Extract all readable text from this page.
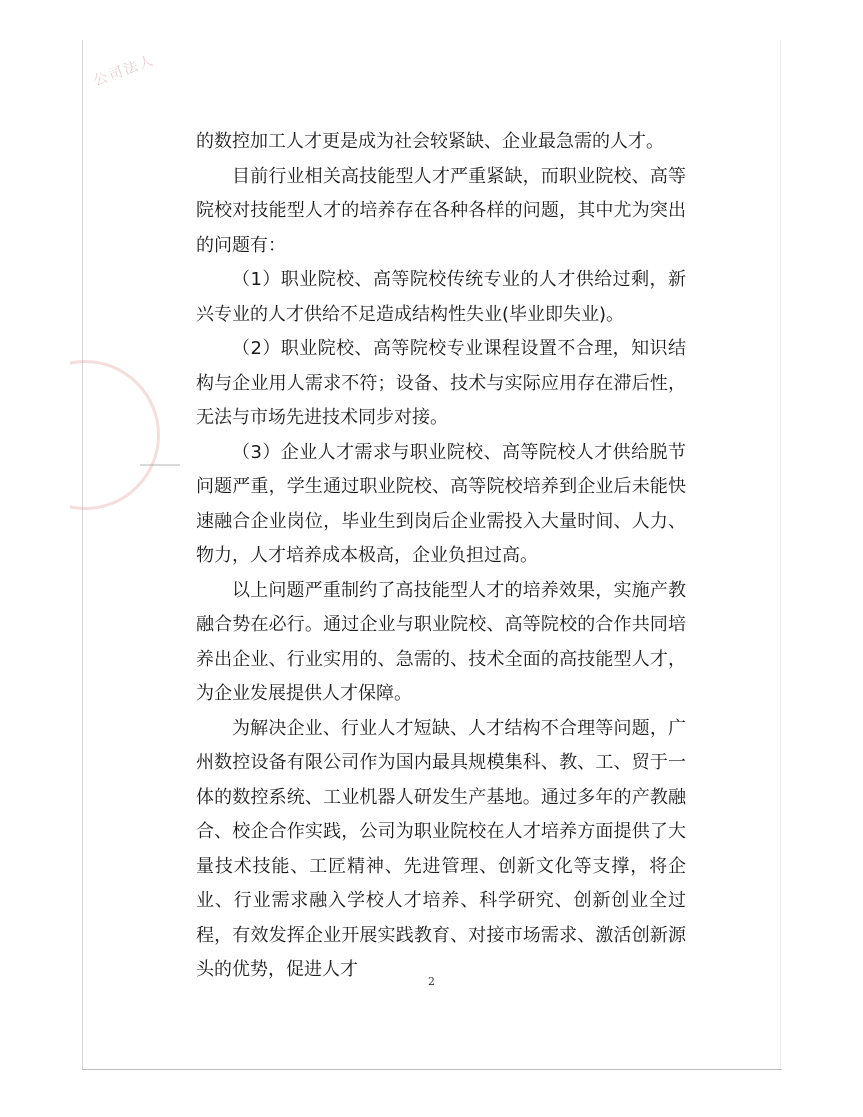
公司法人

的数控加工人才更是成为社会较紧缺、企业最急需的人才。

目前行业相关高技能型人才严重紧缺，而职业院校、高等院校对技能型人才的培养存在各种各样的问题，其中尤为突出的问题有：

（1）职业院校、高等院校传统专业的人才供给过剩，新兴专业的人才供给不足造成结构性失业(毕业即失业)。

（2）职业院校、高等院校专业课程设置不合理，知识结构与企业用人需求不符；设备、技术与实际应用存在滞后性，无法与市场先进技术同步对接。

（3）企业人才需求与职业院校、高等院校人才供给脱节问题严重，学生通过职业院校、高等院校培养到企业后未能快速融合企业岗位，毕业生到岗后企业需投入大量时间、人力、物力，人才培养成本极高，企业负担过高。

以上问题严重制约了高技能型人才的培养效果，实施产教融合势在必行。通过企业与职业院校、高等院校的合作共同培养出企业、行业实用的、急需的、技术全面的高技能型人才，为企业发展提供人才保障。

为解决企业、行业人才短缺、人才结构不合理等问题，广州数控设备有限公司作为国内最具规模集科、教、工、贸于一体的数控系统、工业机器人研发生产基地。通过多年的产教融合、校企合作实践，公司为职业院校在人才培养方面提供了大量技术技能、工匠精神、先进管理、创新文化等支撑，将企业、行业需求融入学校人才培养、科学研究、创新创业全过程，有效发挥企业开展实践教育、对接市场需求、激活创新源头的优势，促进人才

2
